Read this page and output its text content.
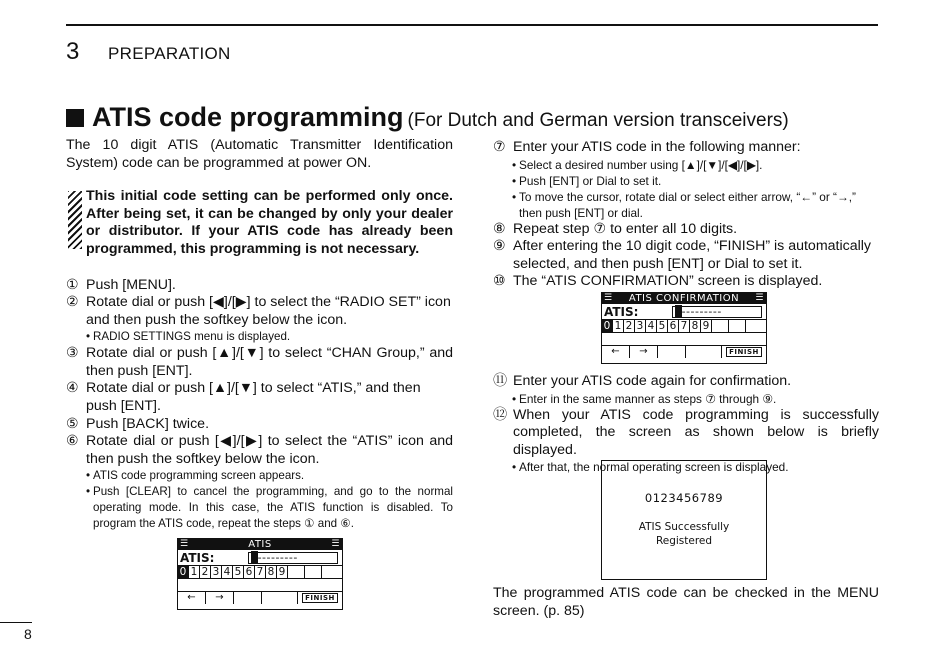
3 PREPARATION
ATIS code programming (For Dutch and German version transceivers)

The 10 digit ATIS (Automatic Transmitter Identification System) code can be programmed at power ON.

This initial code setting can be performed only once. After being set, it can be changed by only your dealer or distributor. If your ATIS code has already been programmed, this programming is not necessary.
① Push [MENU].
② Rotate dial or push [◀]/[▶] to select the “RADIO SET” icon and then push the softkey below the icon.
• RADIO SETTINGS menu is displayed.
③ Rotate dial or push [▲]/[▼] to select “CHAN Group,” and then push [ENT].
④ Rotate dial or push [▲]/[▼] to select “ATIS,” and then push [ENT].
⑤ Push [BACK] twice.
⑥ Rotate dial or push [◀]/[▶] to select the “ATIS” icon and then push the softkey below the icon.
• ATIS code programming screen appears.
• Push [CLEAR] to cancel the programming, and go to the normal operating mode. In this case, the ATIS function is disabled. To program the ATIS code, repeat the steps ① and ⑥.
☰	ATIS	☰
ATIS:	▮---------
0 1 2 3 4 5 6 7 8 9
←	→	FINISH
⑦ Enter your ATIS code in the following manner:
• Select a desired number using [▲]/[▼]/[◀]/[▶].
• Push [ENT] or Dial to set it.
• To move the cursor, rotate dial or select either arrow, “←” or “→,” then push [ENT] or dial.
⑧ Repeat step ⑦ to enter all 10 digits.
⑨ After entering the 10 digit code, “FINISH” is automatically selected, and then push [ENT] or Dial to set it.
⑩ The “ATIS CONFIRMATION” screen is displayed.
⑪ Enter your ATIS code again for confirmation.
• Enter in the same manner as steps ⑦ through ⑨.
⑫ When your ATIS code programming is successfully completed, the screen as shown below is briefly displayed.
• After that, the normal operating screen is displayed.
☰ ATIS CONFIRMATION ☰
ATIS:	▮---------
0 1 2 3 4 5 6 7 8 9
←	→	FINISH
0123456789
ATIS Successfully
Registered

The programmed ATIS code can be checked in the MENU screen. (p. 85)

8
